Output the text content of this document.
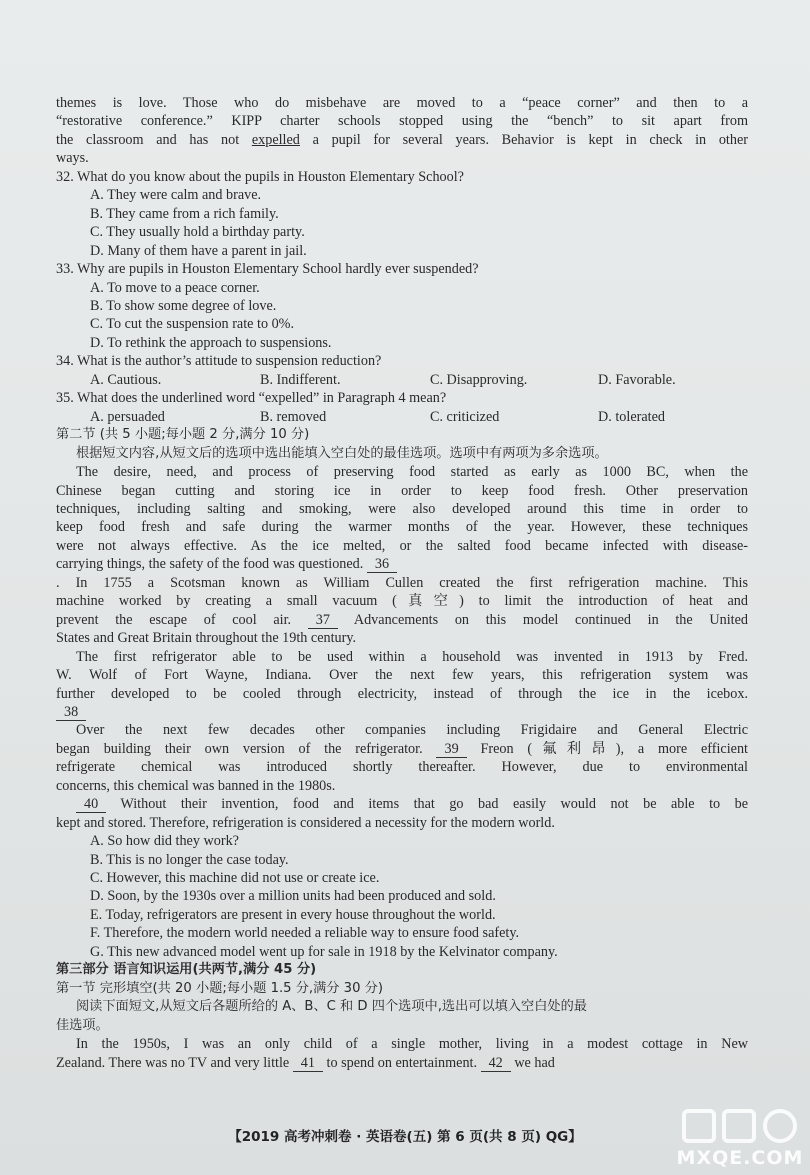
themes is love. Those who do misbehave are moved to a “peace corner” and then to a
“restorative conference.” KIPP charter schools stopped using the “bench” to sit apart from
the classroom and has not expelled a pupil for several years. Behavior is kept in check in other
ways.
32. What do you know about the pupils in Houston Elementary School?
A. They were calm and brave.
B. They came from a rich family.
C. They usually hold a birthday party.
D. Many of them have a parent in jail.
33. Why are pupils in Houston Elementary School hardly ever suspended?
A. To move to a peace corner.
B. To show some degree of love.
C. To cut the suspension rate to 0%.
D. To rethink the approach to suspensions.
34. What is the author’s attitude to suspension reduction?
A. Cautious.	B. Indifferent.	C. Disapproving.	D. Favorable.
35. What does the underlined word “expelled” in Paragraph 4 mean?
A. persuaded	B. removed	C. criticized	D. tolerated
第二节 (共 5 小题;每小题 2 分,满分 10 分)
根据短文内容,从短文后的选项中选出能填入空白处的最佳选项。选项中有两项为多余选项。
The desire, need, and process of preserving food started as early as 1000 BC, when the
Chinese began cutting and storing ice in order to keep food fresh. Other preservation
techniques, including salting and smoking, were also developed around this time in order to
keep food fresh and safe during the warmer months of the year. However, these techniques
were not always effective. As the ice melted, or the salted food became infected with disease-
carrying things, the safety of the food was questioned. 36
. In 1755 a Scotsman known as William Cullen created the first refrigeration machine. This
machine worked by creating a small vacuum (真空) to limit the introduction of heat and
prevent the escape of cool air. 37 Advancements on this model continued in the United
States and Great Britain throughout the 19th century.
The first refrigerator able to be used within a household was invented in 1913 by Fred.
W. Wolf of Fort Wayne, Indiana. Over the next few years, this refrigeration system was
further developed to be cooled through electricity, instead of through the ice in the icebox.
38
Over the next few decades other companies including Frigidaire and General Electric
began building their own version of the refrigerator. 39 Freon (氟利昂), a more efficient
refrigerate chemical was introduced shortly thereafter. However, due to environmental
concerns, this chemical was banned in the 1980s.
40 Without their invention, food and items that go bad easily would not be able to be
kept and stored. Therefore, refrigeration is considered a necessity for the modern world.
A. So how did they work?
B. This is no longer the case today.
C. However, this machine did not use or create ice.
D. Soon, by the 1930s over a million units had been produced and sold.
E. Today, refrigerators are present in every house throughout the world.
F. Therefore, the modern world needed a reliable way to ensure food safety.
G. This new advanced model went up for sale in 1918 by the Kelvinator company.
第三部分 语言知识运用(共两节,满分 45 分)
第一节 完形填空(共 20 小题;每小题 1.5 分,满分 30 分)
阅读下面短文,从短文后各题所给的 A、B、C 和 D 四个选项中,选出可以填入空白处的最
佳选项。
In the 1950s, I was an only child of a single mother, living in a modest cottage in New
Zealand. There was no TV and very little 41 to spend on entertainment. 42 we had
【2019 高考冲刺卷 · 英语卷(五) 第 6 页(共 8 页) QG】
MXQE.COM
